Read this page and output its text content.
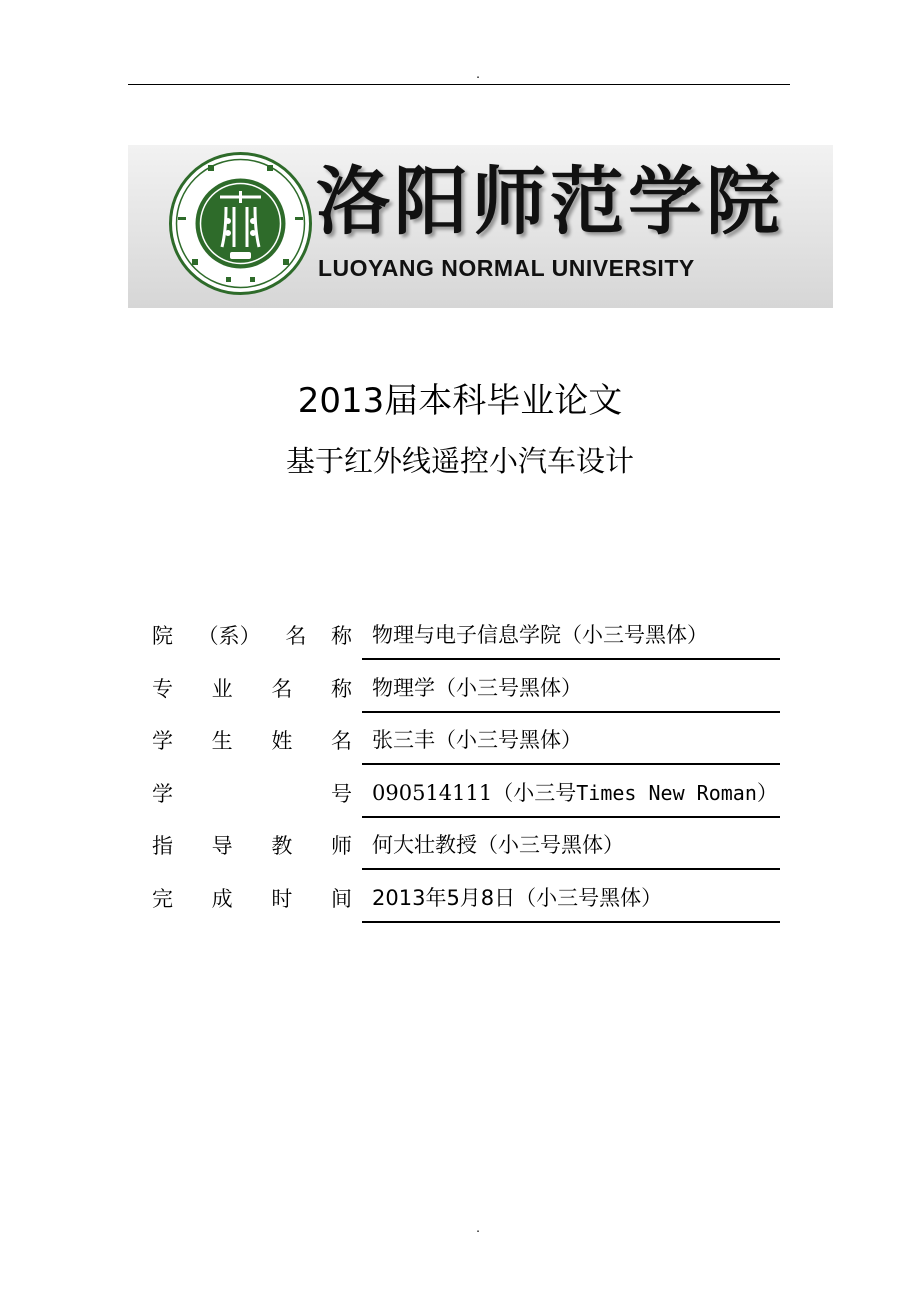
.
洛阳师范学院
LUOYANG NORMAL UNIVERSITY
2013届本科毕业论文
基于红外线遥控小汽车设计
院 （系） 名 称 物理与电子信息学院（小三号黑体）
专 业 名 称 物理学（小三号黑体）
学 生 姓 名 张三丰（小三号黑体）
学	号 090514111（小三号Times New Roman）
指 导 教 师 何大壮教授（小三号黑体）
完 成 时 间 2013年5月8日（小三号黑体）
.
